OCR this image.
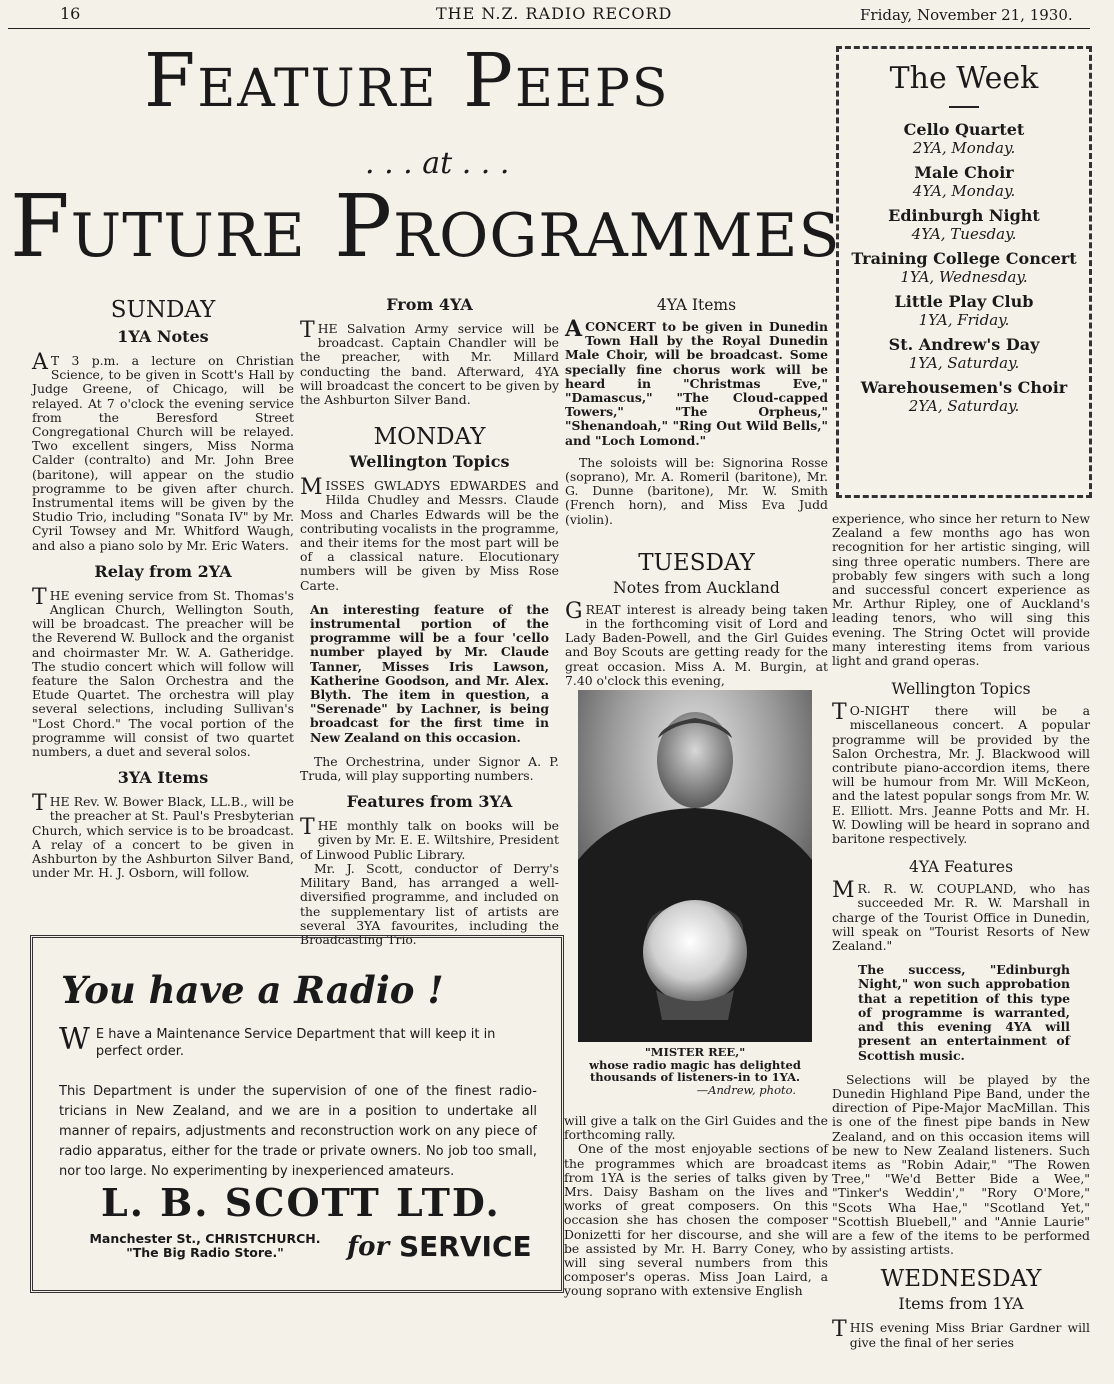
16	THE N.Z. RADIO RECORD	Friday, November 21, 1930.
Feature Peeps
. . . at . . .
Future Programmes
The Week
Cello Quartet
2YA, Monday.
Male Choir
4YA, Monday.
Edinburgh Night
4YA, Tuesday.
Training College Concert
1YA, Wednesday.
Little Play Club
1YA, Friday.
St. Andrew's Day
1YA, Saturday.
Warehousemen's Choir
2YA, Saturday.
SUNDAY
1YA Notes

A T 3 p.m. a lecture on Christian Science, to be given in Scott's Hall by Judge Greene, of Chicago, will be relayed. At 7 o'clock the evening service from the Beresford Street Congregational Church will be relayed. Two excellent singers, Miss Norma Calder (contralto) and Mr. John Bree (baritone), will appear on the studio programme to be given after church. Instrumental items will be given by the Studio Trio, including "Sonata IV" by Mr. Cyril Towsey and Mr. Whitford Waugh, and also a piano solo by Mr. Eric Waters.

Relay from 2YA

THE evening service from St. Thomas's Anglican Church, Wellington South, will be broadcast. The preacher will be the Reverend W. Bullock and the organist and choirmaster Mr. W. A. Gatheridge. The studio concert which will follow will feature the Salon Orchestra and the Etude Quartet. The orchestra will play several selections, including Sullivan's "Lost Chord." The vocal portion of the programme will consist of two quartet numbers, a duet and several solos.

3YA Items

THE Rev. W. Bower Black, LL.B., will be the preacher at St. Paul's Presbyterian Church, which service is to be broadcast. A relay of a concert to be given in Ashburton by the Ashburton Silver Band, under Mr. H. J. Osborn, will follow.

From 4YA

THE Salvation Army service will be broadcast. Captain Chandler will be the preacher, with Mr. Millard conducting the band. Afterward, 4YA will broadcast the concert to be given by the Ashburton Silver Band.

MONDAY
Wellington Topics

MISSES GWLADYS EDWARDES and Hilda Chudley and Messrs. Claude Moss and Charles Edwards will be the contributing vocalists in the programme, and their items for the most part will be of a classical nature. Elocutionary numbers will be given by Miss Rose Carte.

An interesting feature of the instrumental portion of the programme will be a four 'cello number played by Mr. Claude Tanner, Misses Iris Lawson, Katherine Goodson, and Mr. Alex. Blyth. The item in question, a "Serenade" by Lachner, is being broadcast for the first time in New Zealand on this occasion.

The Orchestrina, under Signor A. P. Truda, will play supporting numbers.

Features from 3YA

THE monthly talk on books will be given by Mr. E. E. Wiltshire, President of Linwood Public Library.

Mr. J. Scott, conductor of Derry's Military Band, has arranged a well-diversified programme, and included on the supplementary list of artists are several 3YA favourites, including the Broadcasting Trio.

4YA Items

ACONCERT to be given in Dunedin Town Hall by the Royal Dunedin Male Choir, will be broadcast. Some specially fine chorus work will be heard in "Christmas Eve," "Damascus," "The Cloud-capped Towers," "The Orpheus," "Shenandoah," "Ring Out Wild Bells," and "Loch Lomond."

The soloists will be: Signorina Rosse (soprano), Mr. A. Romeril (baritone), Mr. G. Dunne (baritone), Mr. W. Smith (French horn), and Miss Eva Judd (violin).

TUESDAY
Notes from Auckland

GREAT interest is already being taken in the forthcoming visit of Lord and Lady Baden-Powell, and the Girl Guides and Boy Scouts are getting ready for the great occasion. Miss A. M. Burgin, at 7.40 o'clock this evening,

"MISTER REE,"
whose radio magic has delighted thousands of listeners-in to 1YA.
—Andrew, photo.

will give a talk on the Girl Guides and the forthcoming rally.

One of the most enjoyable sections of the programmes which are broadcast from 1YA is the series of talks given by Mrs. Daisy Basham on the lives and works of great composers. On this occasion she has chosen the composer Donizetti for her discourse, and she will be assisted by Mr. H. Barry Coney, who will sing several numbers from this composer's operas. Miss Joan Laird, a young soprano with extensive English

experience, who since her return to New Zealand a few months ago has won recognition for her artistic singing, will sing three operatic numbers. There are probably few singers with such a long and successful concert experience as Mr. Arthur Ripley, one of Auckland's leading tenors, who will sing this evening. The String Octet will provide many interesting items from various light and grand operas.

Wellington Topics

T O-NIGHT there will be a miscellaneous concert. A popular programme will be provided by the Salon Orchestra, Mr. J. Blackwood will contribute piano-accordion items, there will be humour from Mr. Will McKeon, and the latest popular songs from Mr. W. E. Elliott. Mrs. Jeanne Potts and Mr. H. W. Dowling will be heard in soprano and baritone respectively.

4YA Features

M R. R. W. COUPLAND, who has succeeded Mr. R. W. Marshall in charge of the Tourist Office in Dunedin, will speak on "Tourist Resorts of New Zealand."

The success, "Edinburgh Night," won such approbation that a repetition of this type of programme is warranted, and this evening 4YA will present an entertainment of Scottish music.

Selections will be played by the Dunedin Highland Pipe Band, under the direction of Pipe-Major MacMillan. This is one of the finest pipe bands in New Zealand, and on this occasion items will be new to New Zealand listeners. Such items as "Robin Adair," "The Rowen Tree," "We'd Better Bide a Wee," "Tinker's Weddin'," "Rory O'More," "Scots Wha Hae," "Scotland Yet," "Scottish Bluebell," and "Annie Laurie" are a few of the items to be performed by assisting artists.

WEDNESDAY
Items from 1YA

THIS evening Miss Briar Gardner will give the final of her series

You have a Radio !

W E have a Maintenance Service Department that will keep it in perfect order.

This Department is under the supervision of one of the finest radio-tricians in New Zealand, and we are in a position to undertake all manner of repairs, adjustments and reconstruction work on any piece of radio apparatus, either for the trade or private owners. No job too small, nor too large. No experimenting by inexperienced amateurs.

L. B. SCOTT LTD.
Manchester St., CHRISTCHURCH.
"The Big Radio Store."	for SERVICE
